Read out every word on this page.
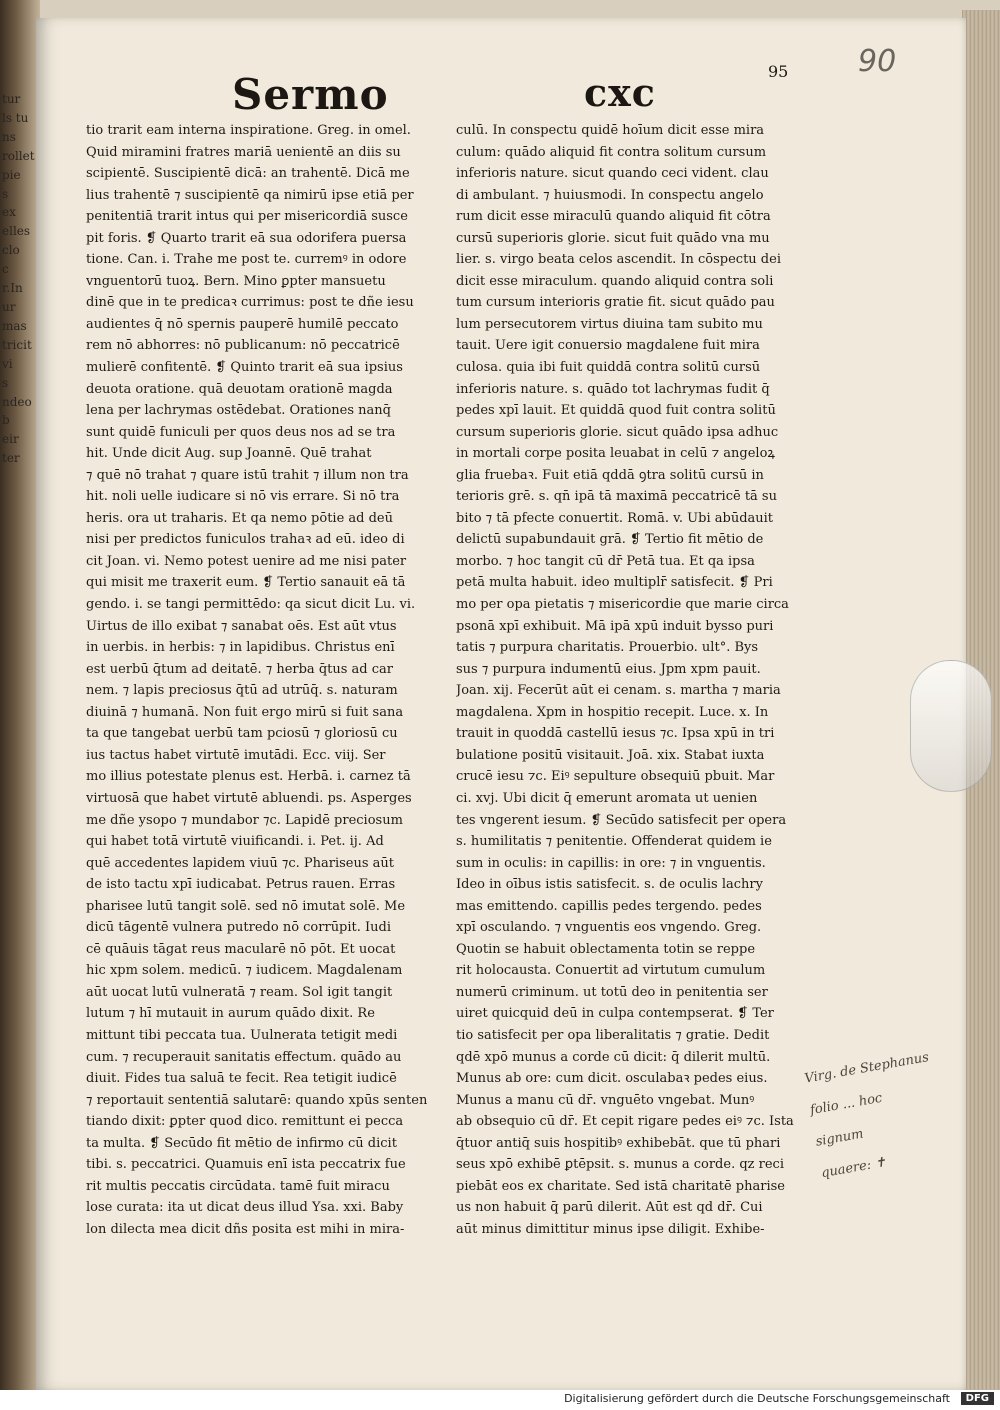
tur
ls tu
ns
rollet
pie
s
ex
elles
clo
c
r.In
ur
mas
tricit
vi
s
ndeo
b
eir
ter
Sermo	cxc	95 90
tio trarit eam interna inspiratione. Greg. in omel.
Quid miramini fratres mariā uenientē an diis su
scipientē. Suscipientē dicā: an trahentē. Dicā me
lius trahentē ⁊ suscipientē qa nimirū ipse etiā per
penitentiā trarit intus qui per misericordiā susce
pit foris. ❡ Quarto trarit eā sua odorifera puersa
tione. Can. i. Trahe me post te. curremꝰ in odore
vnguentorū tuoꝝ. Bern. Mino ꝑpter mansuetu
dinē que in te predicaꝛ currimus: post te dñe iesu
audientes q̄ nō spernis pauperē humilē peccato
rem nō abhorres: nō publicanum: nō peccatricē
mulierē confitentē. ❡ Quinto trarit eā sua ipsius
deuota oratione. quā deuotam orationē magda
lena per lachrymas ostēdebat. Orationes nanq̄
sunt quidē funiculi per quos deus nos ad se tra
hit. Unde dicit Aug. sup Joannē. Quē trahat
⁊ quē nō trahat ⁊ quare istū trahit ⁊ illum non tra
hit. noli uelle iudicare si nō vis errare. Si nō tra
heris. ora ut traharis. Et qa nemo pōtie ad deū
nisi per predictos funiculos trahaꝛ ad eū. ideo di
cit Joan. vi. Nemo potest uenire ad me nisi pater
qui misit me traxerit eum. ❡ Tertio sanauit eā tā
gendo. i. se tangi permittēdo: qa sicut dicit Lu. vi.
Uirtus de illo exibat ⁊ sanabat oēs. Est aūt vtus
in uerbis. in herbis: ⁊ in lapidibus. Christus enī
est uerbū q̄tum ad deitatē. ⁊ herba q̄tus ad car
nem. ⁊ lapis preciosus q̄tū ad utrūq̄. s. naturam
diuinā ⁊ humanā. Non fuit ergo mirū si fuit sana
ta que tangebat uerbū tam pciosū ⁊ gloriosū cu
ius tactus habet virtutē imutādi. Ecc. viij. Ser
mo illius potestate plenus est. Herbā. i. carnez tā
virtuosā que habet virtutē abluendi. ps. Asperges
me dñe ysopo ⁊ mundabor ⁊c. Lapidē preciosum
qui habet totā virtutē viuificandi. i. Pet. ij. Ad
quē accedentes lapidem viuū ⁊c. Phariseus aūt
de isto tactu xpī iudicabat. Petrus rauen. Erras
pharisee lutū tangit solē. sed nō imutat solē. Me
dicū tāgentē vulnera putredo nō corrūpit. Iudi
cē quāuis tāgat reus macularē nō pōt. Et uocat
hic xpm solem. medicū. ⁊ iudicem. Magdalenam
aūt uocat lutū vulneratā ⁊ ream. Sol igit tangit
lutum ⁊ hī mutauit in aurum quādo dixit. Re
mittunt tibi peccata tua. Uulnerata tetigit medi
cum. ⁊ recuperauit sanitatis effectum. quādo au
diuit. Fides tua saluā te fecit. Rea tetigit iudicē
⁊ reportauit sententiā salutarē: quando xpūs senten
tiando dixit: ꝑpter quod dico. remittunt ei pecca
ta multa. ❡ Secūdo fit mētio de infirmo cū dicit
tibi. s. peccatrici. Quamuis enī ista peccatrix fue
rit multis peccatis circūdata. tamē fuit miracu
lose curata: ita ut dicat deus illud Ysa. xxi. Baby
lon dilecta mea dicit dñs posita est mihi in mira-
culū. In conspectu quidē hoīum dicit esse mira
culum: quādo aliquid fit contra solitum cursum
inferioris nature. sicut quando ceci vident. clau
di ambulant. ⁊ huiusmodi. In conspectu angelo
rum dicit esse miraculū quando aliquid fit cōtra
cursū superioris glorie. sicut fuit quādo vna mu
lier. s. virgo beata celos ascendit. In cōspectu dei
dicit esse miraculum. quando aliquid contra soli
tum cursum interioris gratie fit. sicut quādo pau
lum persecutorem virtus diuina tam subito mu
tauit. Uere igit conuersio magdalene fuit mira
culosa. quia ibi fuit quiddā contra solitū cursū
inferioris nature. s. quādo tot lachrymas fudit q̄
pedes xpī lauit. Et quiddā quod fuit contra solitū
cursum superioris glorie. sicut quādo ipsa adhuc
in mortali corpe posita leuabat in celū ⁊ angeloꝝ
glia fruebaꝛ. Fuit etiā qddā ꝯtra solitū cursū in
terioris grē. s. qn̄ ipā tā maximā peccatricē tā su
bito ⁊ tā pfecte conuertit. Romā. v. Ubi abūdauit
delictū supabundauit grā. ❡ Tertio fit mētio de
morbo. ⁊ hoc tangit cū dr̄ Petā tua. Et qa ipsa
petā multa habuit. ideo multiplr̄ satisfecit. ❡ Pri
mo per opa pietatis ⁊ misericordie que marie circa
psonā xpī exhibuit. Mā ipā xpū induit bysso puri
tatis ⁊ purpura charitatis. Prouerbio. ult°. Bys
sus ⁊ purpura indumentū eius. Jpm xpm pauit.
Joan. xij. Fecerūt aūt ei cenam. s. martha ⁊ maria
magdalena. Xpm in hospitio recepit. Luce. x. In
trauit in quoddā castellū iesus ⁊c. Ipsa xpū in tri
bulatione positū visitauit. Joā. xix. Stabat iuxta
crucē iesu ⁊c. Eiꝰ sepulture obsequiū pbuit. Mar
ci. xvj. Ubi dicit q̄ emerunt aromata ut uenien
tes vngerent iesum. ❡ Secūdo satisfecit per opera
s. humilitatis ⁊ penitentie. Offenderat quidem ie
sum in oculis: in capillis: in ore: ⁊ in vnguentis.
Ideo in oībus istis satisfecit. s. de oculis lachry
mas emittendo. capillis pedes tergendo. pedes
xpī osculando. ⁊ vnguentis eos vngendo. Greg.
Quotin se habuit oblectamenta totin se reppe
rit holocausta. Conuertit ad virtutum cumulum
numerū criminum. ut totū deo in penitentia ser
uiret quicquid deū in culpa contempserat. ❡ Ter
tio satisfecit per opa liberalitatis ⁊ gratie. Dedit
qdē xpō munus a corde cū dicit: q̄ dilerit multū.
Munus ab ore: cum dicit. osculabaꝛ pedes eius.
Munus a manu cū dr̄. vnguēto vngebat. Munꝰ
ab obsequio cū dr̄. Et cepit rigare pedes eiꝰ ⁊c. Ista
q̄tuor antiq̄ suis hospitibꝰ exhibebāt. que tū phari
seus xpō exhibē ꝑtēpsit. s. munus a corde. qz reci
piebāt eos ex charitate. Sed istā charitatē pharise
us non habuit q̄ parū dilerit. Aūt est qd dr̄. Cui
aūt minus dimittitur minus ipse diligit. Exhibe-
Virg. de Stephanus
folio ... hoc
signum
quaere: ✝
Digitalisierung gefördert durch die Deutsche Forschungsgemeinschaft	DFG
